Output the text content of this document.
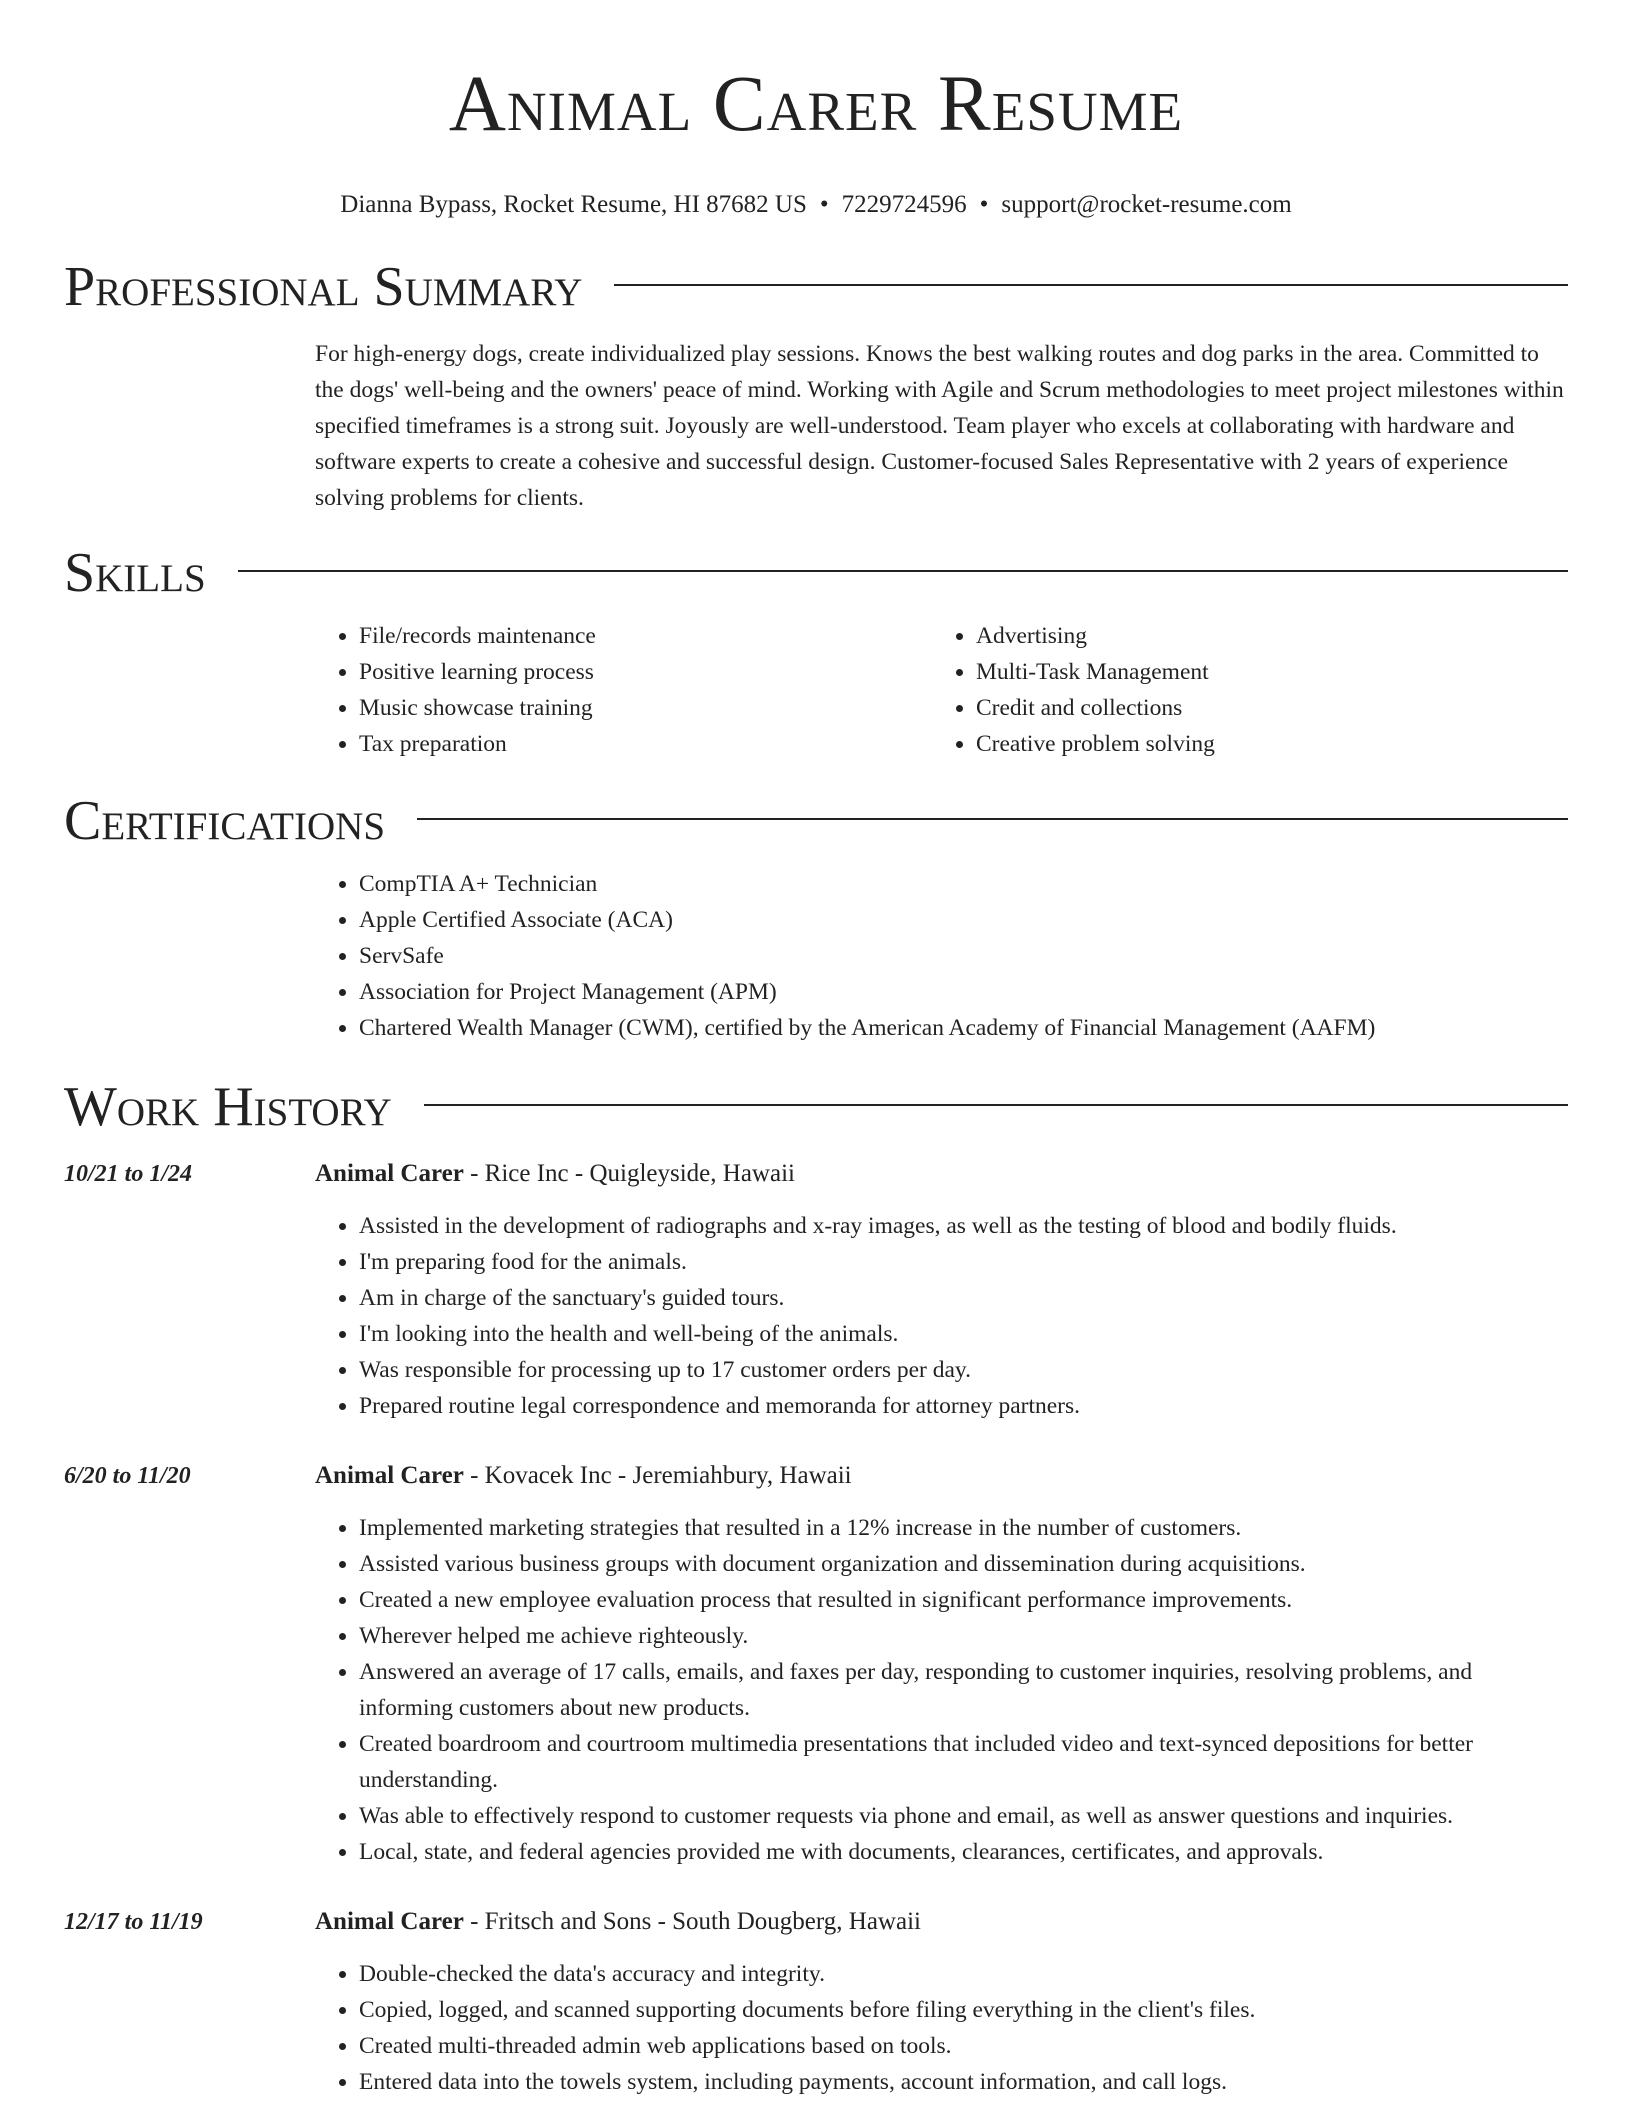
Animal Carer Resume
Dianna Bypass, Rocket Resume, HI 87682 US • 7229724596 • support@rocket-resume.com
Professional Summary
For high-energy dogs, create individualized play sessions. Knows the best walking routes and dog parks in the area. Committed to the dogs' well-being and the owners' peace of mind. Working with Agile and Scrum methodologies to meet project milestones within specified timeframes is a strong suit. Joyously are well-understood. Team player who excels at collaborating with hardware and software experts to create a cohesive and successful design. Customer-focused Sales Representative with 2 years of experience solving problems for clients.
Skills
• File/records maintenance
• Positive learning process
• Music showcase training
• Tax preparation
• Advertising
• Multi-Task Management
• Credit and collections
• Creative problem solving
Certifications
• CompTIA A+ Technician
• Apple Certified Associate (ACA)
• ServSafe
• Association for Project Management (APM)
• Chartered Wealth Manager (CWM), certified by the American Academy of Financial Management (AAFM)
Work History
10/21 to 1/24	Animal Carer - Rice Inc - Quigleyside, Hawaii
• Assisted in the development of radiographs and x-ray images, as well as the testing of blood and bodily fluids.
• I'm preparing food for the animals.
• Am in charge of the sanctuary's guided tours.
• I'm looking into the health and well-being of the animals.
• Was responsible for processing up to 17 customer orders per day.
• Prepared routine legal correspondence and memoranda for attorney partners.
6/20 to 11/20	Animal Carer - Kovacek Inc - Jeremiahbury, Hawaii
• Implemented marketing strategies that resulted in a 12% increase in the number of customers.
• Assisted various business groups with document organization and dissemination during acquisitions.
• Created a new employee evaluation process that resulted in significant performance improvements.
• Wherever helped me achieve righteously.
• Answered an average of 17 calls, emails, and faxes per day, responding to customer inquiries, resolving problems, and informing customers about new products.
• Created boardroom and courtroom multimedia presentations that included video and text-synced depositions for better understanding.
• Was able to effectively respond to customer requests via phone and email, as well as answer questions and inquiries.
• Local, state, and federal agencies provided me with documents, clearances, certificates, and approvals.
12/17 to 11/19	Animal Carer - Fritsch and Sons - South Dougberg, Hawaii
• Double-checked the data's accuracy and integrity.
• Copied, logged, and scanned supporting documents before filing everything in the client's files.
• Created multi-threaded admin web applications based on tools.
• Entered data into the towels system, including payments, account information, and call logs.
